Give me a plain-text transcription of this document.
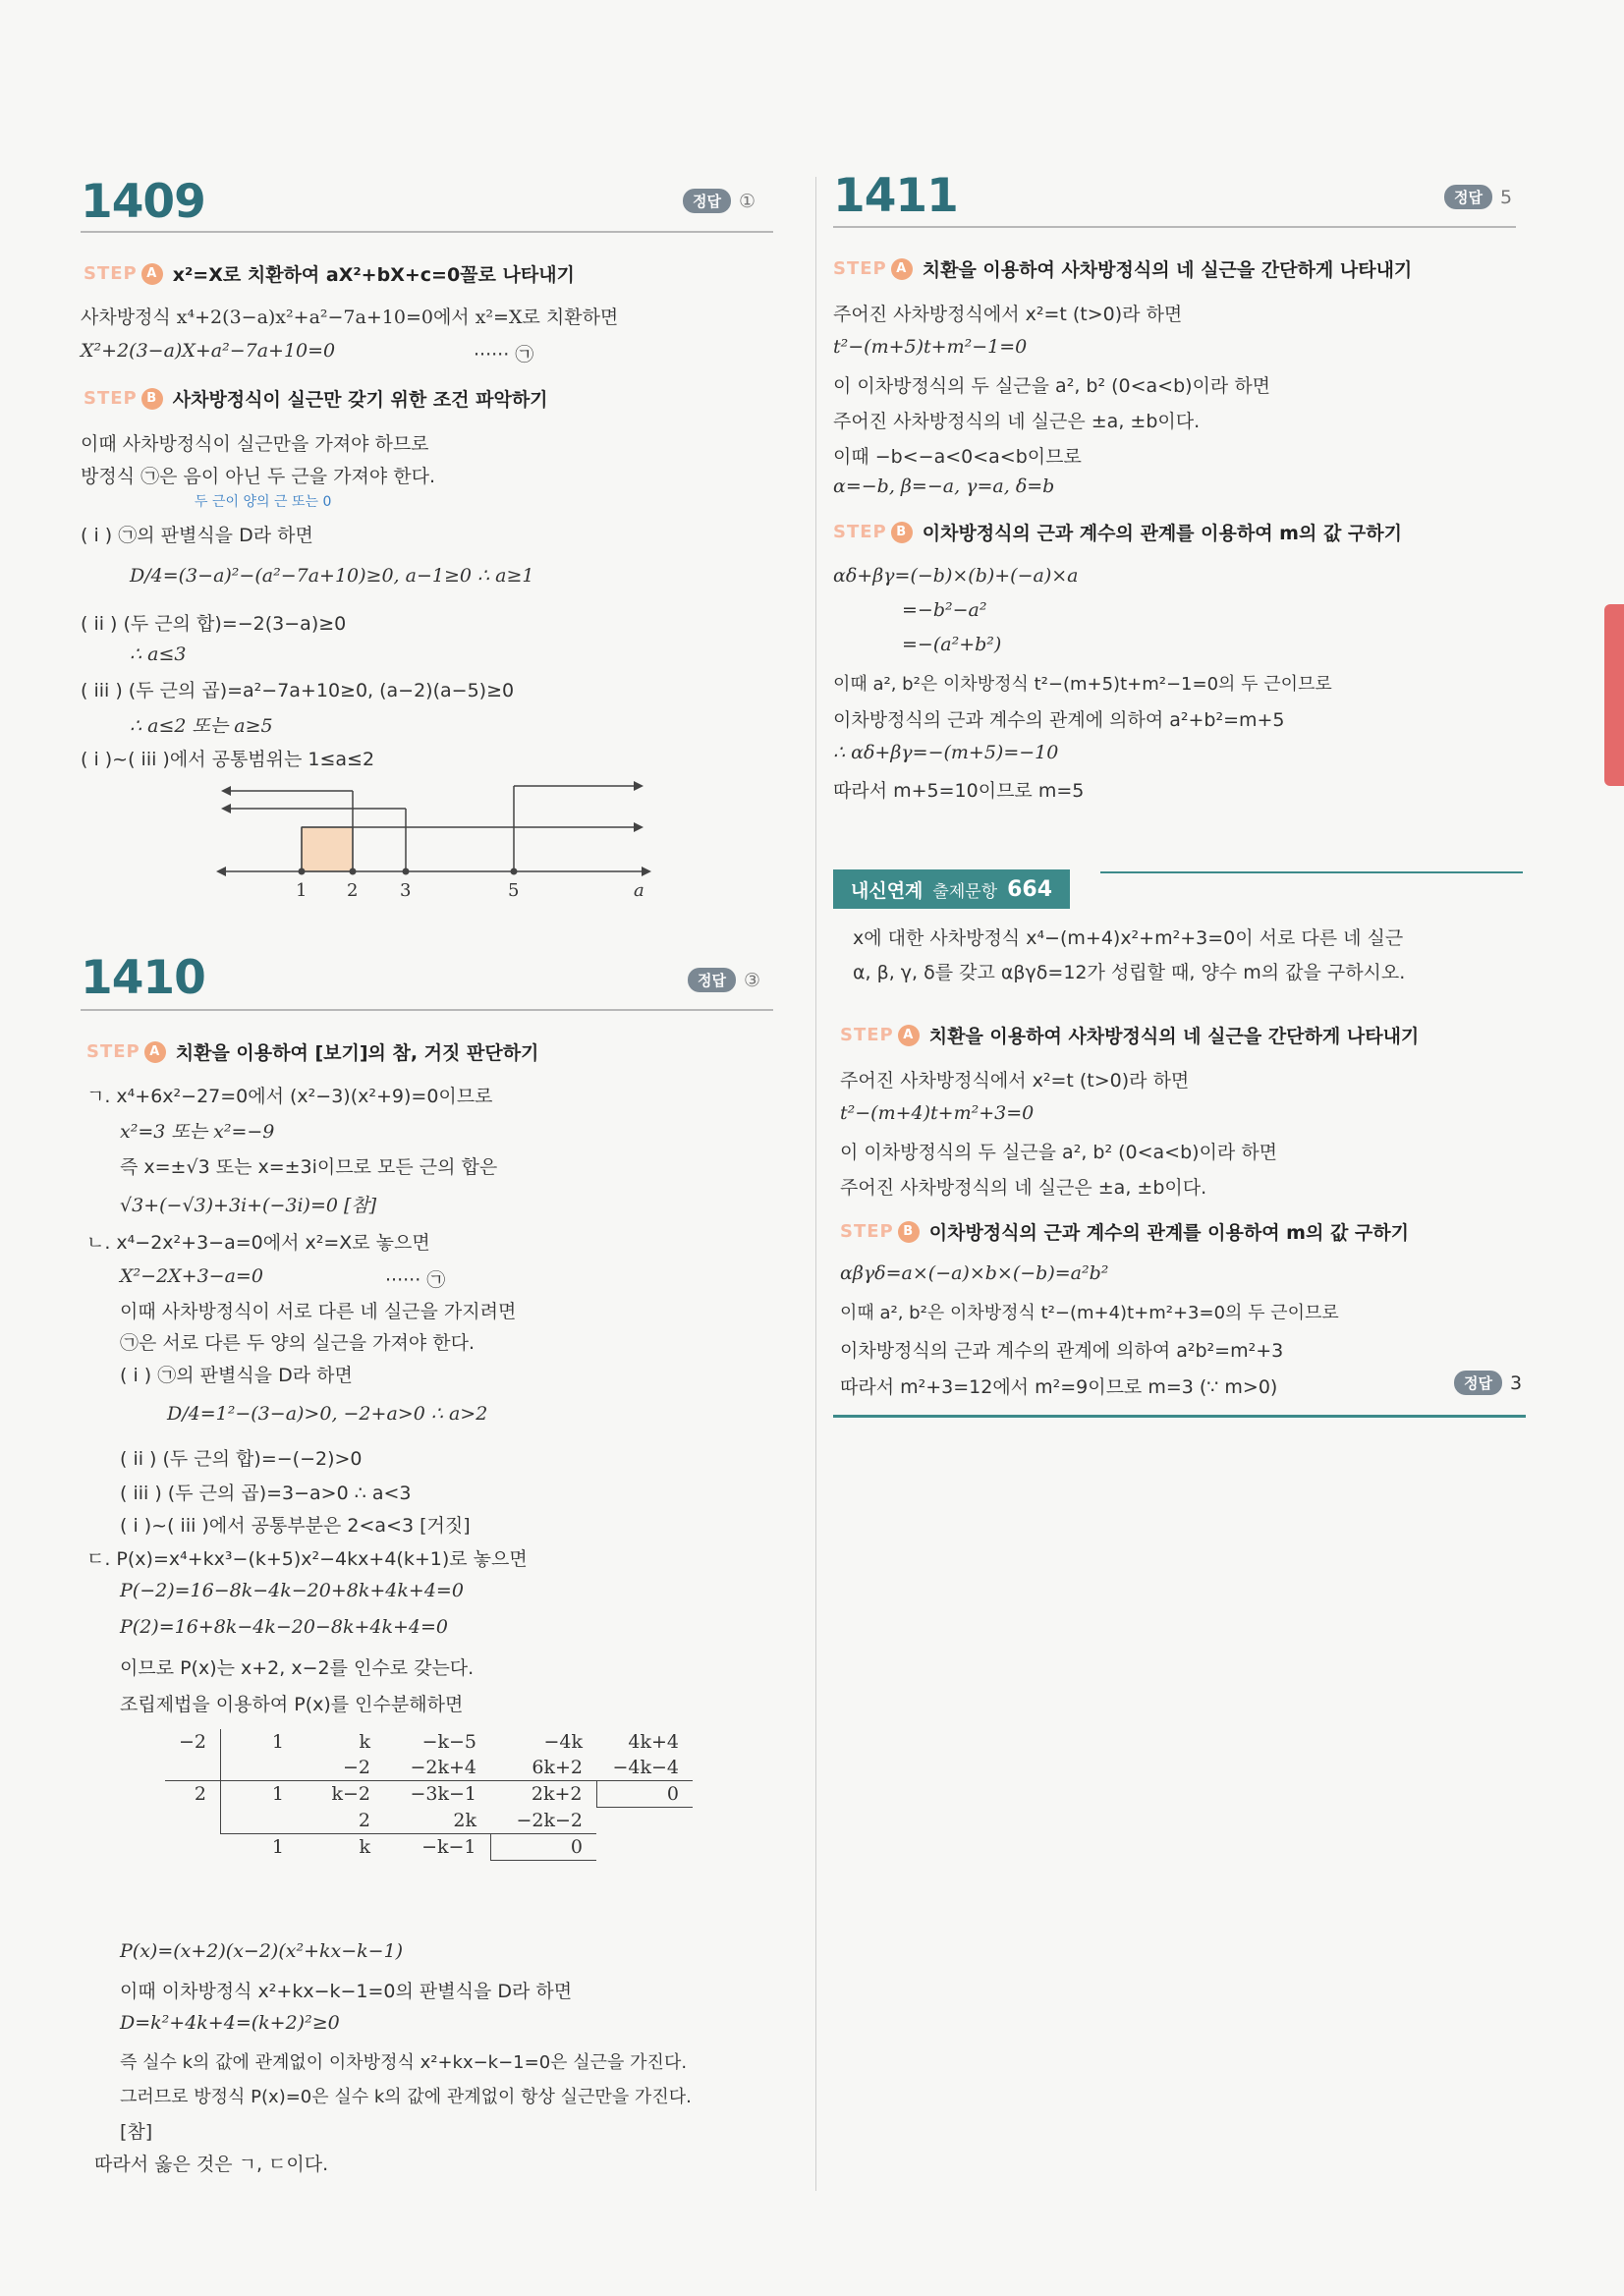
1409	정답 ①
STEP A x²=X로 치환하여 aX²+bX+c=0꼴로 나타내기
사차방정식 x⁴+2(3−a)x²+a²−7a+10=0에서 x²=X로 치환하면
X²+2(3−a)X+a²−7a+10=0	······ ㉠
STEP B 사차방정식이 실근만 갖기 위한 조건 파악하기
이때 사차방정식이 실근만을 가져야 하므로
방정식 ㉠은 음이 아닌 두 근을 가져야 한다.
두 근이 양의 근 또는 0
( i ) ㉠의 판별식을 D라 하면
D/4=(3−a)²−(a²−7a+10)≥0, a−1≥0 ∴ a≥1
( ii ) (두 근의 합)=−2(3−a)≥0
∴ a≤3
( iii ) (두 근의 곱)=a²−7a+10≥0, (a−2)(a−5)≥0
∴ a≤2 또는 a≥5
( i )~( iii )에서 공통범위는 1≤a≤2
1 2 3	5	a
1410	정답 ③
STEP A 치환을 이용하여 [보기]의 참, 거짓 판단하기
ㄱ. x⁴+6x²−27=0에서 (x²−3)(x²+9)=0이므로
x²=3 또는 x²=−9
즉 x=±√3 또는 x=±3i이므로 모든 근의 합은
√3+(−√3)+3i+(−3i)=0 [참]
ㄴ. x⁴−2x²+3−a=0에서 x²=X로 놓으면
X²−2X+3−a=0	······ ㉠
이때 사차방정식이 서로 다른 네 실근을 가지려면
㉠은 서로 다른 두 양의 실근을 가져야 한다.
( i ) ㉠의 판별식을 D라 하면
D/4=1²−(3−a)>0, −2+a>0 ∴ a>2
( ii ) (두 근의 합)=−(−2)>0
( iii ) (두 근의 곱)=3−a>0 ∴ a<3
( i )~( iii )에서 공통부분은 2<a<3 [거짓]
ㄷ. P(x)=x⁴+kx³−(k+5)x²−4kx+4(k+1)로 놓으면
P(−2)=16−8k−4k−20+8k+4k+4=0
P(2)=16+8k−4k−20−8k+4k+4=0
이므로 P(x)는 x+2, x−2를 인수로 갖는다.
조립제법을 이용하여 P(x)를 인수분해하면
−2	1	k	−k−5	−4k	4k+4
		−2	−2k+4	6k+2	−4k−4
2	1	k−2	−3k−1	2k+2	0
		2	2k	−2k−2	
	1	k	−k−1	0	
P(x)=(x+2)(x−2)(x²+kx−k−1)
이때 이차방정식 x²+kx−k−1=0의 판별식을 D라 하면
D=k²+4k+4=(k+2)²≥0
즉 실수 k의 값에 관계없이 이차방정식 x²+kx−k−1=0은 실근을 가진다.
그러므로 방정식 P(x)=0은 실수 k의 값에 관계없이 항상 실근만을 가진다.
[참]
따라서 옳은 것은 ㄱ, ㄷ이다.
1411	정답 5
STEP A 치환을 이용하여 사차방정식의 네 실근을 간단하게 나타내기
주어진 사차방정식에서 x²=t (t>0)라 하면
t²−(m+5)t+m²−1=0
이 이차방정식의 두 실근을 a², b² (0<a<b)이라 하면
주어진 사차방정식의 네 실근은 ±a, ±b이다.
이때 −b<−a<0<a<b이므로
α=−b, β=−a, γ=a, δ=b
STEP B 이차방정식의 근과 계수의 관계를 이용하여 m의 값 구하기
αδ+βγ=(−b)×(b)+(−a)×a
=−b²−a²
=−(a²+b²)
이때 a², b²은 이차방정식 t²−(m+5)t+m²−1=0의 두 근이므로
이차방정식의 근과 계수의 관계에 의하여 a²+b²=m+5
∴ αδ+βγ=−(m+5)=−10
따라서 m+5=10이므로 m=5
내신연계 출제문항 664
x에 대한 사차방정식 x⁴−(m+4)x²+m²+3=0이 서로 다른 네 실근
α, β, γ, δ를 갖고 αβγδ=12가 성립할 때, 양수 m의 값을 구하시오.
STEP A 치환을 이용하여 사차방정식의 네 실근을 간단하게 나타내기
주어진 사차방정식에서 x²=t (t>0)라 하면
t²−(m+4)t+m²+3=0
이 이차방정식의 두 실근을 a², b² (0<a<b)이라 하면
주어진 사차방정식의 네 실근은 ±a, ±b이다.
STEP B 이차방정식의 근과 계수의 관계를 이용하여 m의 값 구하기
αβγδ=a×(−a)×b×(−b)=a²b²
이때 a², b²은 이차방정식 t²−(m+4)t+m²+3=0의 두 근이므로
이차방정식의 근과 계수의 관계에 의하여 a²b²=m²+3
따라서 m²+3=12에서 m²=9이므로 m=3 (∵ m>0)	정답 3
